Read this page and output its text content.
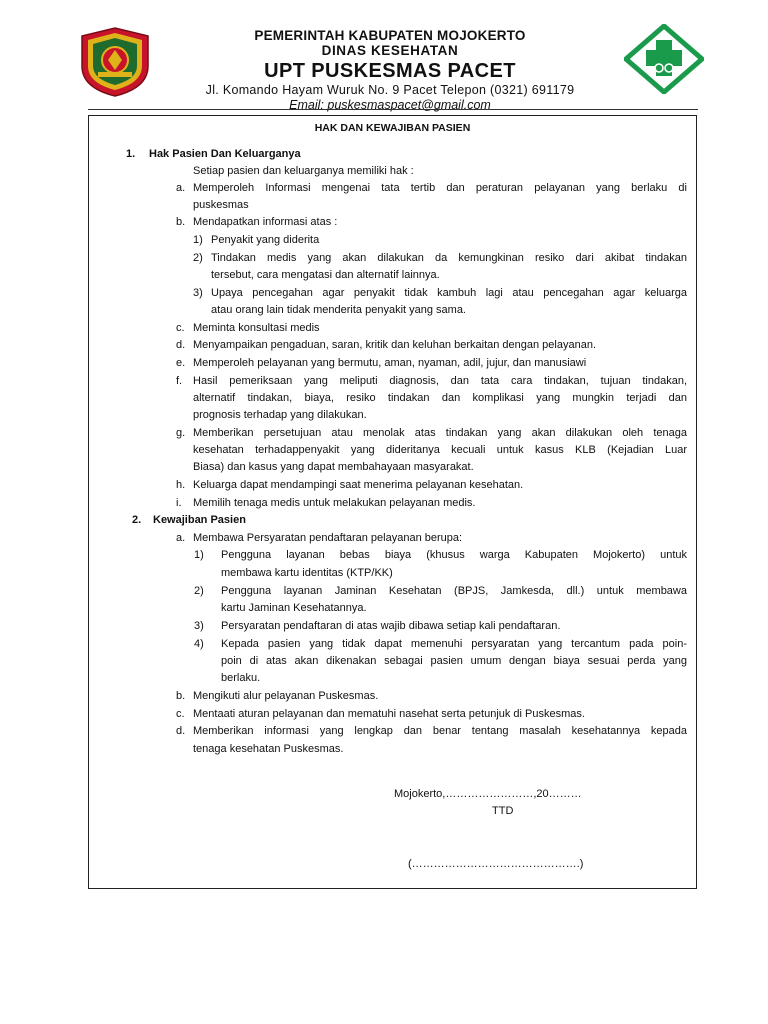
PEMERINTAH KABUPATEN MOJOKERTO
DINAS KESEHATAN
UPT PUSKESMAS PACET
Jl. Komando Hayam Wuruk No. 9 Pacet Telepon (0321) 691179
Email: puskesmaspacet@gmail.com
HAK DAN KEWAJIBAN PASIEN
1. Hak Pasien Dan Keluarganya
Setiap pasien dan keluarganya memiliki hak :
a. Memperoleh Informasi mengenai tata tertib dan peraturan pelayanan yang berlaku di
puskesmas
b. Mendapatkan informasi atas :
1) Penyakit yang diderita
2) Tindakan medis yang akan dilakukan da kemungkinan resiko dari akibat tindakan
tersebut, cara mengatasi dan alternatif lainnya.
3) Upaya pencegahan agar penyakit tidak kambuh lagi atau pencegahan agar keluarga
atau orang lain tidak menderita penyakit yang sama.
c. Meminta konsultasi medis
d. Menyampaikan pengaduan, saran, kritik dan keluhan berkaitan dengan pelayanan.
e. Memperoleh pelayanan yang bermutu, aman, nyaman, adil, jujur, dan manusiawi
f. Hasil pemeriksaan yang meliputi diagnosis, dan tata cara tindakan, tujuan tindakan,
alternatif tindakan, biaya, resiko tindakan dan komplikasi yang mungkin terjadi dan
prognosis terhadap yang dilakukan.
g. Memberikan persetujuan atau menolak atas tindakan yang akan dilakukan oleh tenaga
kesehatan terhadappenyakit yang dideritanya kecuali untuk kasus KLB (Kejadian Luar
Biasa) dan kasus yang dapat membahayaan masyarakat.
h. Keluarga dapat mendampingi saat menerima pelayanan kesehatan.
i. Memilih tenaga medis untuk melakukan pelayanan medis.
2. Kewajiban Pasien
a. Membawa Persyaratan pendaftaran pelayanan berupa:
1) Pengguna layanan bebas biaya (khusus warga Kabupaten Mojokerto) untuk
membawa kartu identitas (KTP/KK)
2) Pengguna layanan Jaminan Kesehatan (BPJS, Jamkesda, dll.) untuk membawa
kartu Jaminan Kesehatannya.
3) Persyaratan pendaftaran di atas wajib dibawa setiap kali pendaftaran.
4) Kepada pasien yang tidak dapat memenuhi persyaratan yang tercantum pada poin-
poin di atas akan dikenakan sebagai pasien umum dengan biaya sesuai perda yang
berlaku.
b. Mengikuti alur pelayanan Puskesmas.
c. Mentaati aturan pelayanan dan mematuhi nasehat serta petunjuk di Puskesmas.
d. Memberikan informasi yang lengkap dan benar tentang masalah kesehatannya kepada
tenaga kesehatan Puskesmas.
Mojokerto,……………………,20………
TTD
(……………………………………….)
